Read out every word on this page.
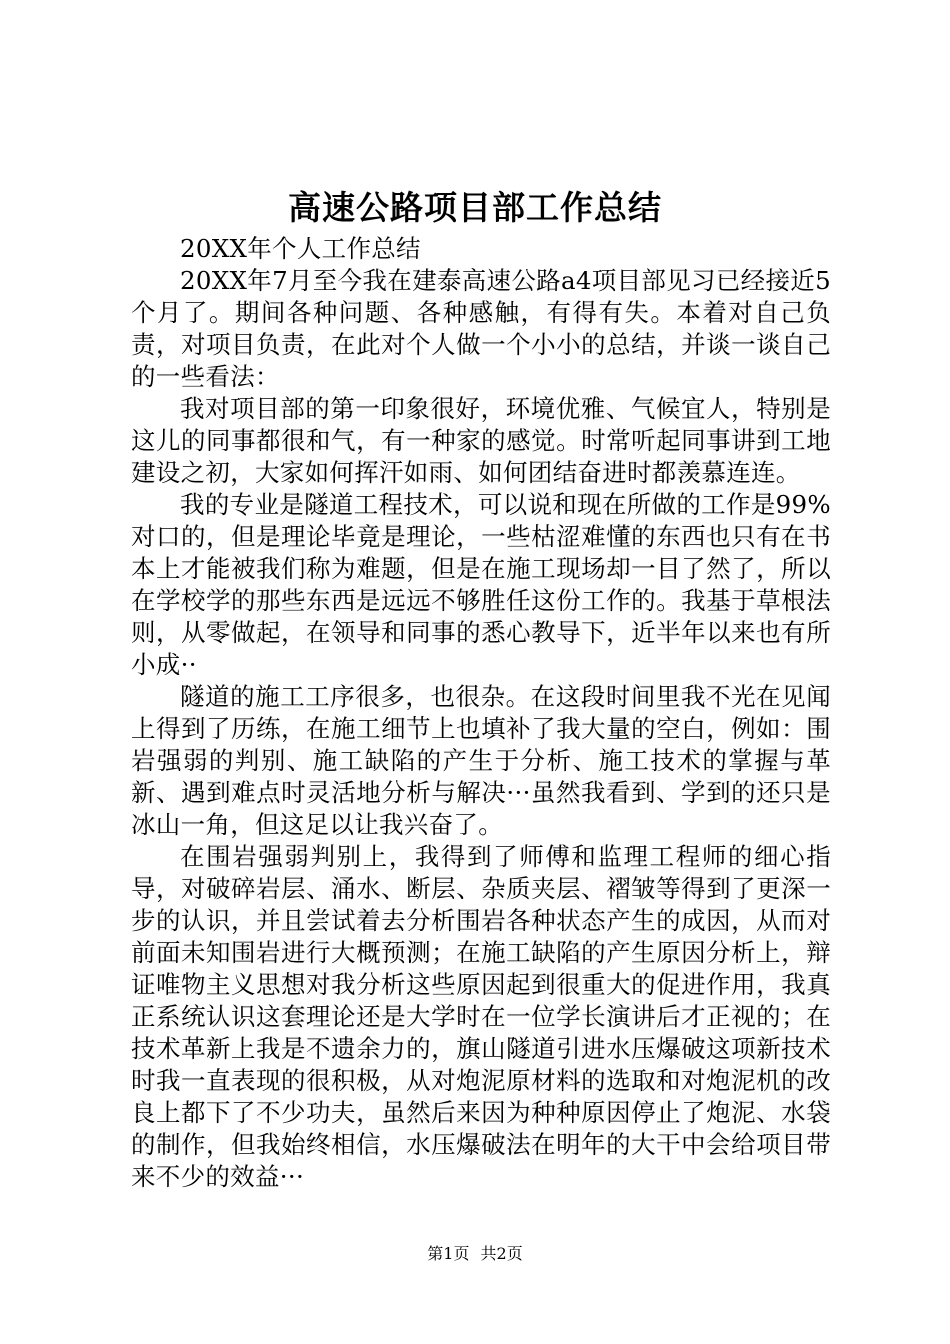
高速公路项目部工作总结

20XX年个人工作总结

20XX年7月至今我在建泰高速公路a4项目部见习已经接近5个月了。期间各种问题、各种感触，有得有失。本着对自己负责，对项目负责，在此对个人做一个小小的总结，并谈一谈自己的一些看法：

我对项目部的第一印象很好，环境优雅、气候宜人，特别是这儿的同事都很和气，有一种家的感觉。时常听起同事讲到工地建设之初，大家如何挥汗如雨、如何团结奋进时都羡慕连连。

我的专业是隧道工程技术，可以说和现在所做的工作是99%对口的，但是理论毕竟是理论，一些枯涩难懂的东西也只有在书本上才能被我们称为难题，但是在施工现场却一目了然了，所以在学校学的那些东西是远远不够胜任这份工作的。我基于草根法则，从零做起，在领导和同事的悉心教导下，近半年以来也有所小成··

隧道的施工工序很多，也很杂。在这段时间里我不光在见闻上得到了历练，在施工细节上也填补了我大量的空白，例如：围岩强弱的判别、施工缺陷的产生于分析、施工技术的掌握与革新、遇到难点时灵活地分析与解决···虽然我看到、学到的还只是冰山一角，但这足以让我兴奋了。

在围岩强弱判别上，我得到了师傅和监理工程师的细心指导，对破碎岩层、涌水、断层、杂质夹层、褶皱等得到了更深一步的认识，并且尝试着去分析围岩各种状态产生的成因，从而对前面未知围岩进行大概预测；在施工缺陷的产生原因分析上，辩证唯物主义思想对我分析这些原因起到很重大的促进作用，我真正系统认识这套理论还是大学时在一位学长演讲后才正视的；在技术革新上我是不遗余力的，旗山隧道引进水压爆破这项新技术时我一直表现的很积极，从对炮泥原材料的选取和对炮泥机的改良上都下了不少功夫，虽然后来因为种种原因停止了炮泥、水袋的制作，但我始终相信，水压爆破法在明年的大干中会给项目带来不少的效益···

第1页 共2页
